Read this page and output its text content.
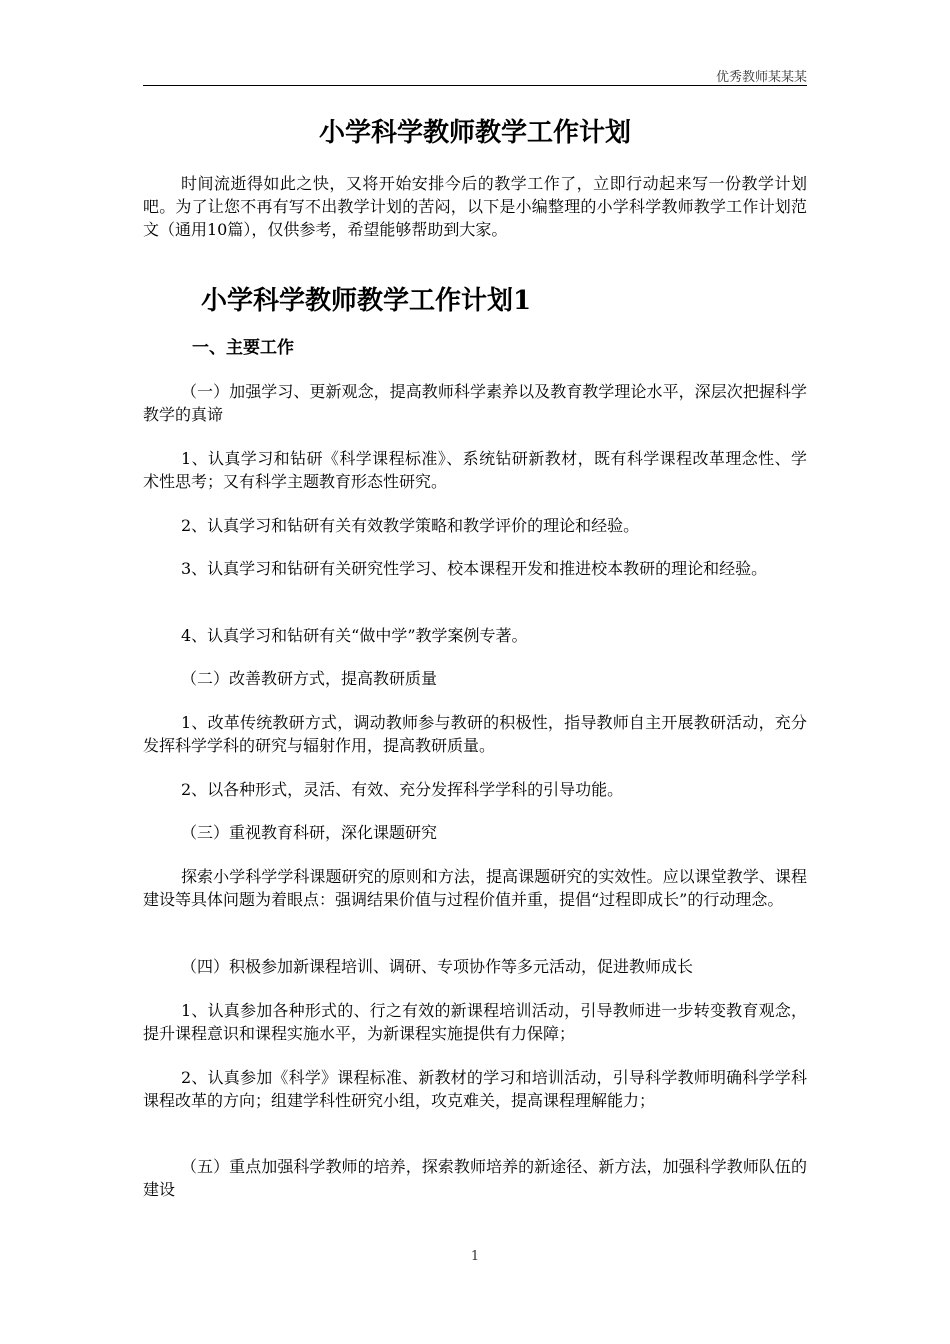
优秀教师某某某
小学科学教师教学工作计划

时间流逝得如此之快，又将开始安排今后的教学工作了，立即行动起来写一份教学计划吧。为了让您不再有写不出教学计划的苦闷，以下是小编整理的小学科学教师教学工作计划范文（通用10篇），仅供参考，希望能够帮助到大家。

小学科学教师教学工作计划1
一、主要工作

（一）加强学习、更新观念，提高教师科学素养以及教育教学理论水平，深层次把握科学教学的真谛

1、认真学习和钻研《科学课程标准》、系统钻研新教材，既有科学课程改革理念性、学术性思考；又有科学主题教育形态性研究。

2、认真学习和钻研有关有效教学策略和教学评价的理论和经验。

3、认真学习和钻研有关研究性学习、校本课程开发和推进校本教研的理论和经验。

4、认真学习和钻研有关“做中学”教学案例专著。

（二）改善教研方式，提高教研质量

1、改革传统教研方式，调动教师参与教研的积极性，指导教师自主开展教研活动，充分发挥科学学科的研究与辐射作用，提高教研质量。

2、以各种形式，灵活、有效、充分发挥科学学科的引导功能。

（三）重视教育科研，深化课题研究

探索小学科学学科课题研究的原则和方法，提高课题研究的实效性。应以课堂教学、课程建设等具体问题为着眼点：强调结果价值与过程价值并重，提倡“过程即成长”的行动理念。

（四）积极参加新课程培训、调研、专项协作等多元活动，促进教师成长

1、认真参加各种形式的、行之有效的新课程培训活动，引导教师进一步转变教育观念，提升课程意识和课程实施水平，为新课程实施提供有力保障；

2、认真参加《科学》课程标准、新教材的学习和培训活动，引导科学教师明确科学学科课程改革的方向；组建学科性研究小组，攻克难关，提高课程理解能力；

（五）重点加强科学教师的培养，探索教师培养的新途径、新方法，加强科学教师队伍的建设

1
